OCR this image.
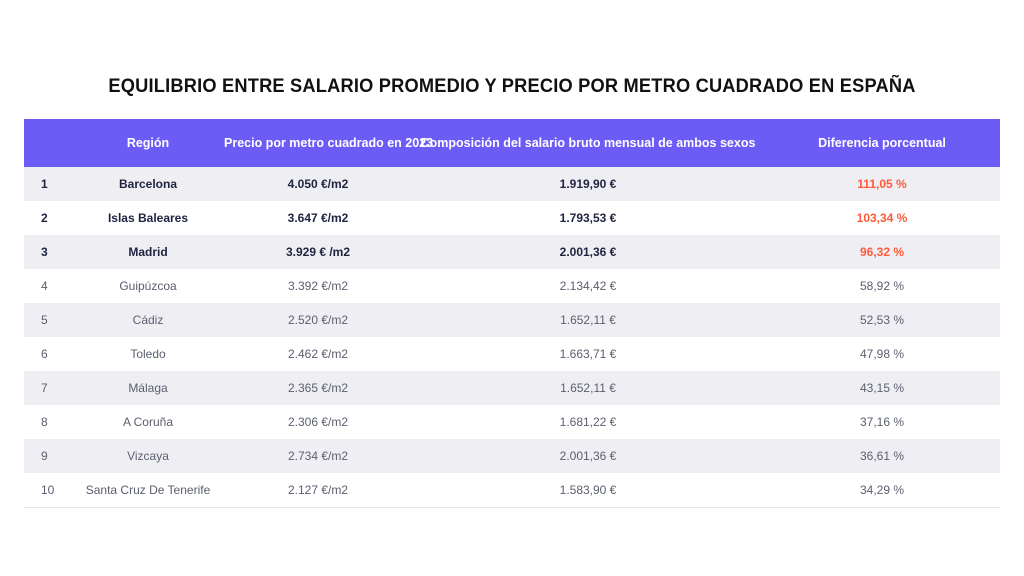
EQUILIBRIO ENTRE SALARIO PROMEDIO Y PRECIO POR METRO CUADRADO EN ESPAÑA
	Región	Precio por metro cuadrado en 2023	Composición del salario bruto mensual de ambos sexos	Diferencia porcentual
1	Barcelona	4.050 €/m2	1.919,90 €	111,05 %
2	Islas Baleares	3.647 €/m2	1.793,53 €	103,34 %
3	Madrid	3.929 € /m2	2.001,36 €	96,32 %
4	Guipúzcoa	3.392 €/m2	2.134,42 €	58,92 %
5	Cádiz	2.520 €/m2	1.652,11 €	52,53 %
6	Toledo	2.462 €/m2	1.663,71 €	47,98 %
7	Málaga	2.365 €/m2	1.652,11 €	43,15 %
8	A Coruña	2.306 €/m2	1.681,22 €	37,16 %
9	Vizcaya	2.734 €/m2	2.001,36 €	36,61 %
10	Santa Cruz De Tenerife	2.127 €/m2	1.583,90 €	34,29 %
